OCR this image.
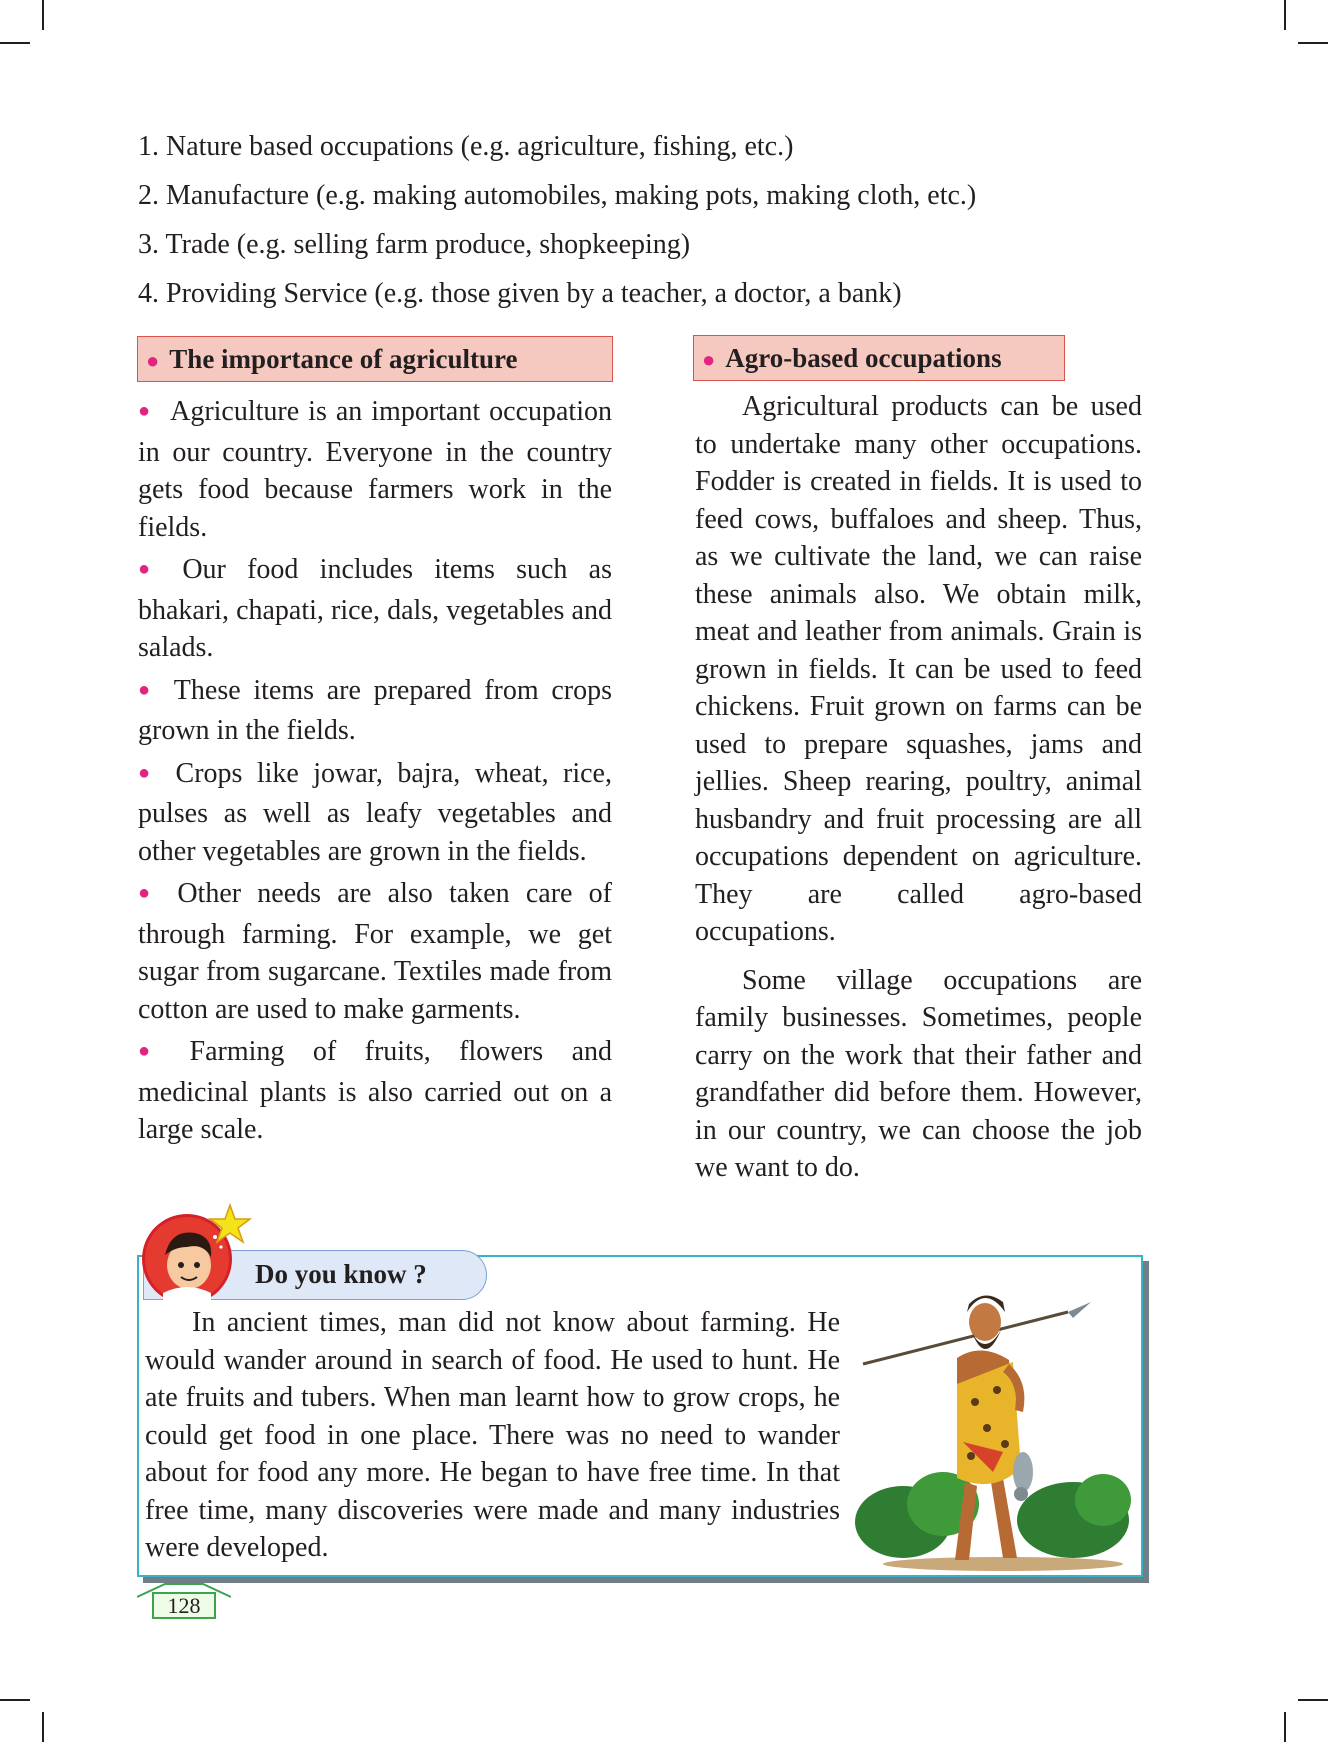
1. Nature based occupations (e.g. agriculture, fishing, etc.)
2. Manufacture (e.g. making automobiles, making pots, making cloth, etc.)
3. Trade (e.g. selling farm produce, shopkeeping)
4. Providing Service (e.g. those given by a teacher, a doctor, a bank)
● The importance of agriculture	● Agro-based occupations

● Agriculture is an important occupation in our country. Everyone in the country gets food because farmers work in the fields.

● Our food includes items such as bhakari, chapati, rice, dals, vegetables and salads.

● These items are prepared from crops grown in the fields.

● Crops like jowar, bajra, wheat, rice, pulses as well as leafy vegetables and other vegetables are grown in the fields.

● Other needs are also taken care of through farming. For example, we get sugar from sugarcane. Textiles made from cotton are used to make garments.

● Farming of fruits, flowers and medicinal plants is also carried out on a large scale.

Agricultural products can be used to undertake many other occupations. Fodder is created in fields. It is used to feed cows, buffaloes and sheep. Thus, as we cultivate the land, we can raise these animals also. We obtain milk, meat and leather from animals. Grain is grown in fields. It can be used to feed chickens. Fruit grown on farms can be used to prepare squashes, jams and jellies. Sheep rearing, poultry, animal husbandry and fruit processing are all occupations dependent on agriculture. They are called agro-based occupations.

Some village occupations are family businesses. Sometimes, people carry on the work that their father and grandfather did before them. However, in our country, we can choose the job we want to do.

Do you know ?

In ancient times, man did not know about farming. He would wander around in search of food. He used to hunt. He ate fruits and tubers. When man learnt how to grow crops, he could get food in one place. There was no need to wander about for food any more. He began to have free time. In that free time, many discoveries were made and many industries were developed.

128
